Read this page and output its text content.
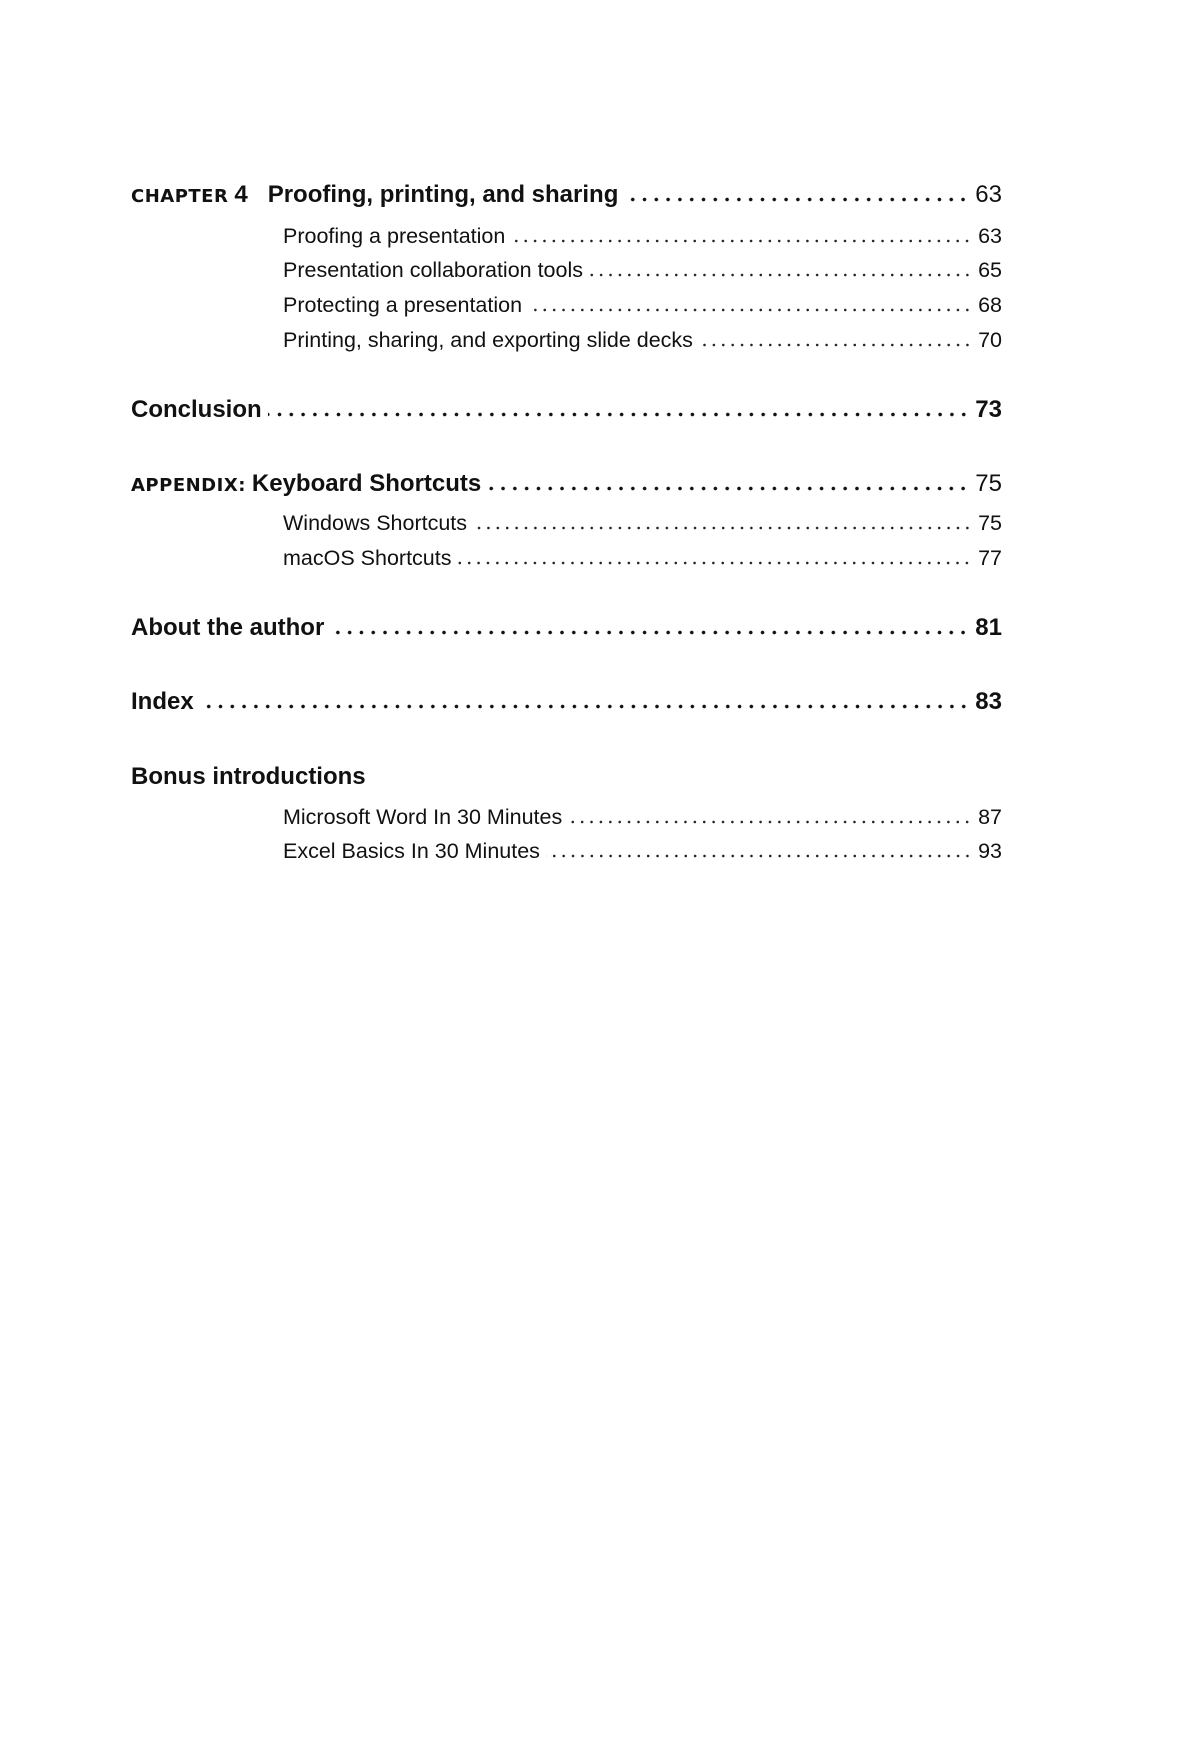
CHAPTER 4 Proofing, printing, and sharing	63
Proofing a presentation	63
Presentation collaboration tools	65
Protecting a presentation	68
Printing, sharing, and exporting slide decks	70
Conclusion	73
APPENDIX: Keyboard Shortcuts	75
Windows Shortcuts	75
macOS Shortcuts	77
About the author	81
Index	83
Bonus introductions
Microsoft Word In 30 Minutes	87
Excel Basics In 30 Minutes	93
